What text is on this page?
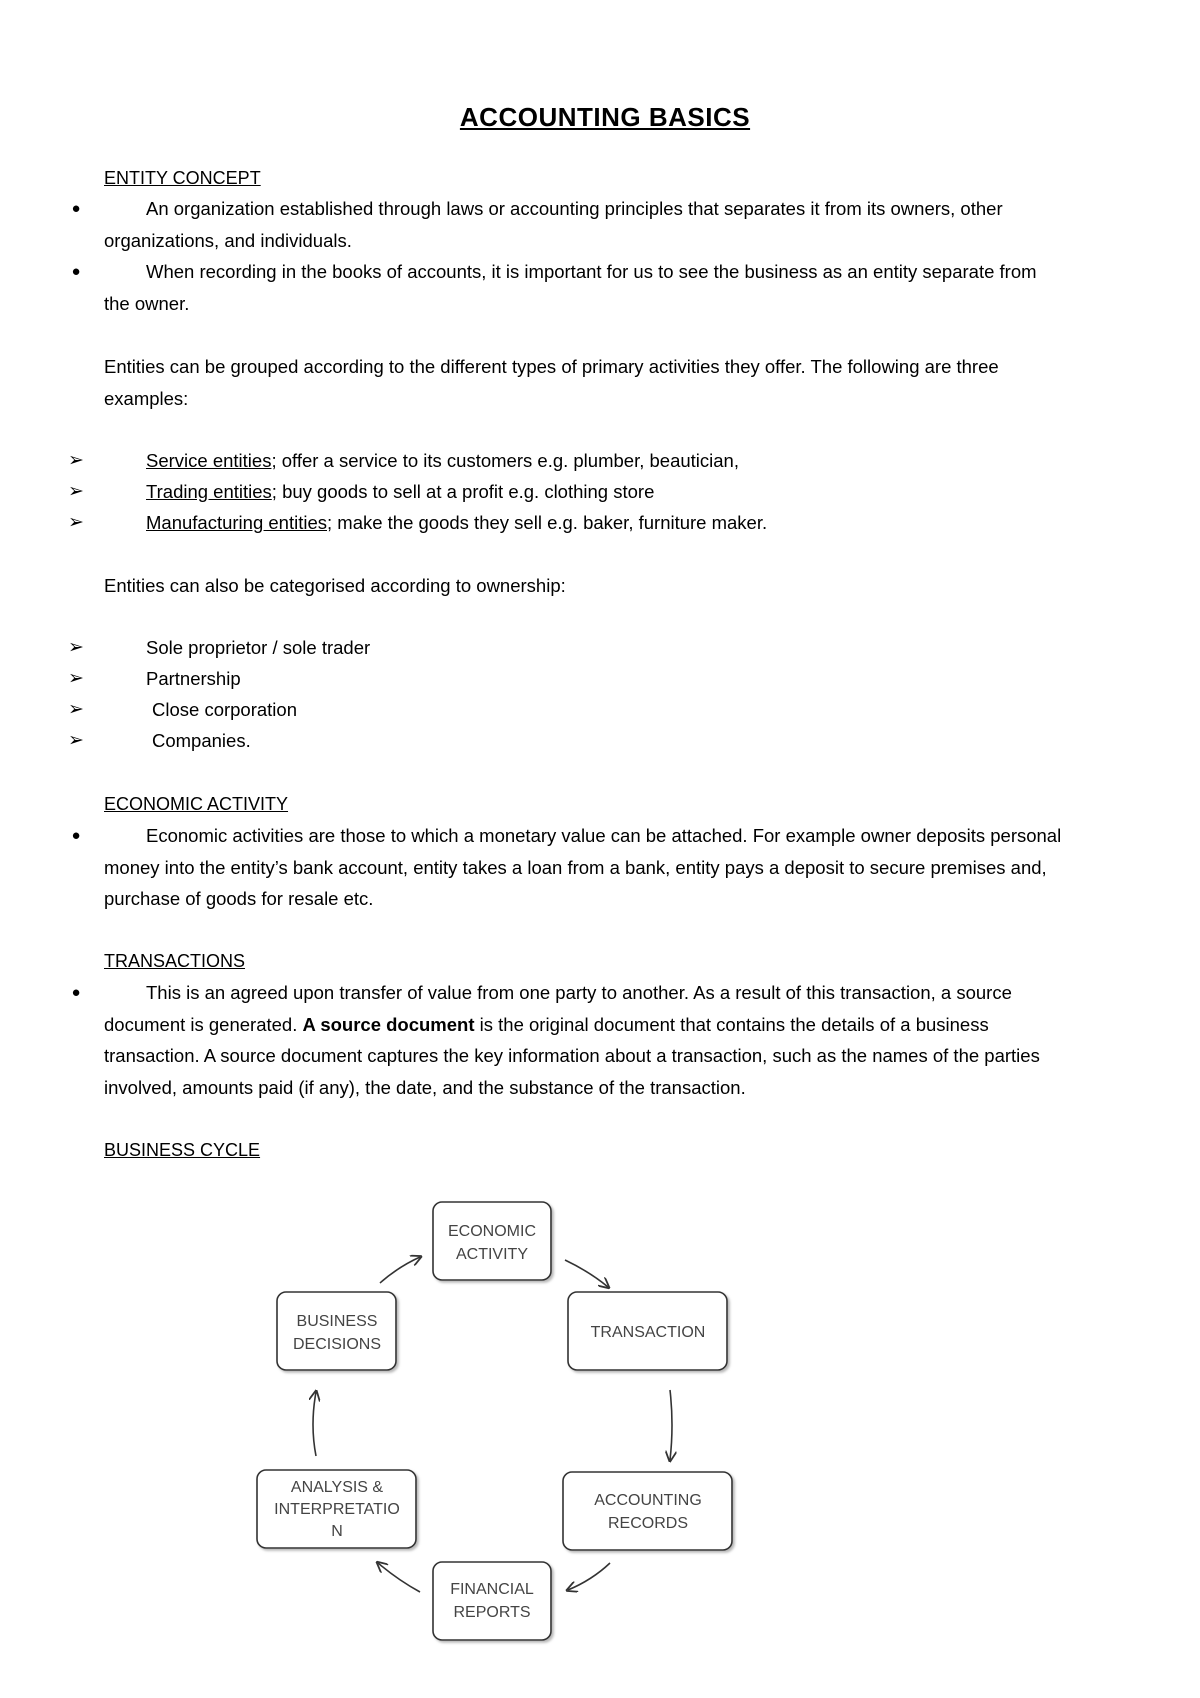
ACCOUNTING BASICS
ENTITY CONCEPT
●	An organization established through laws or accounting principles that separates it from its owners, other organizations, and individuals.
●	When recording in the books of accounts, it is important for us to see the business as an entity separate from the owner.
Entities can be grouped according to the different types of primary activities they offer. The following are three examples:
➢	Service entities; offer a service to its customers e.g. plumber, beautician,
➢	Trading entities; buy goods to sell at a profit e.g. clothing store
➢	Manufacturing entities; make the goods they sell e.g. baker, furniture maker.
Entities can also be categorised according to ownership:
➢	Sole proprietor / sole trader
➢	Partnership
➢	Close corporation
➢	Companies.
ECONOMIC ACTIVITY
●	Economic activities are those to which a monetary value can be attached. For example owner deposits personal money into the entity’s bank account, entity takes a loan from a bank, entity pays a deposit to secure premises and, purchase of goods for resale etc.
TRANSACTIONS
●	This is an agreed upon transfer of value from one party to another. As a result of this transaction, a source document is generated. A source document is the original document that contains the details of a business transaction. A source document captures the key information about a transaction, such as the names of the parties involved, amounts paid (if any), the date, and the substance of the transaction.
BUSINESS CYCLE
ECONOMIC
ACTIVITY
TRANSACTION
ACCOUNTING
RECORDS
FINANCIAL
REPORTS
ANALYSIS &
INTERPRETATIO
N
BUSINESS
DECISIONS
